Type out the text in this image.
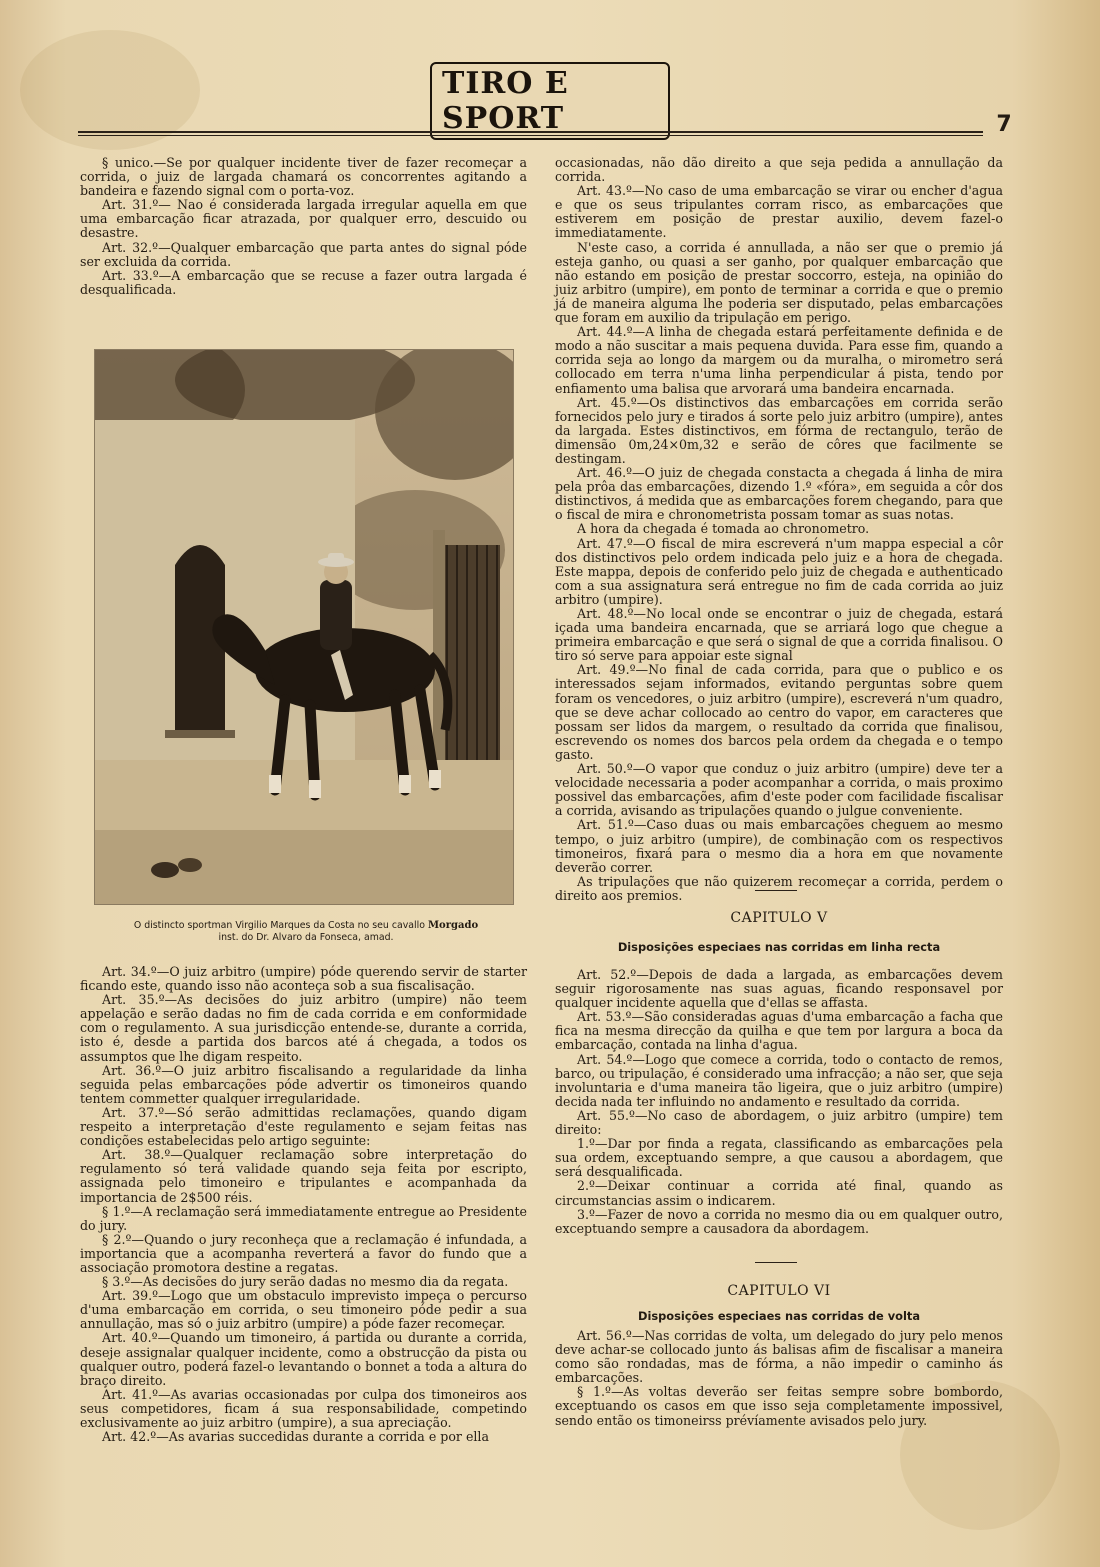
TIRO E SPORT	7

§ unico.—Se por qualquer incidente tiver de fazer recomeçar a corrida, o juiz de largada chamará os concorrentes agitando a bandeira e fazendo signal com o porta-voz.

Art. 31.º— Nao é considerada largada irregular aquella em que uma embarcação ficar atrazada, por qualquer erro, descuido ou desastre.

Art. 32.º—Qualquer embarcação que parta antes do signal póde ser excluida da corrida.

Art. 33.º—A embarcação que se recuse a fazer outra largada é desqualificada.

O distincto sportman Virgilio Marques da Costa no seu cavallo Morgado
inst. do Dr. Alvaro da Fonseca, amad.

Art. 34.º—O juiz arbitro (umpire) póde querendo servir de starter ficando este, quando isso não aconteça sob a sua fiscalisação.

Art. 35.º—As decisões do juiz arbitro (umpire) não teem appelação e serão dadas no fim de cada corrida e em conformidade com o regulamento. A sua jurisdicção entende-se, durante a corrida, isto é, desde a partida dos barcos até á chegada, a todos os assumptos que lhe digam respeito.

Art. 36.º—O juiz arbitro fiscalisando a regularidade da linha seguida pelas embarcações póde advertir os timoneiros quando tentem commetter qualquer irregularidade.

Art. 37.º—Só serão admittidas reclamações, quando digam respeito a interpretação d'este regulamento e sejam feitas nas condições estabelecidas pelo artigo seguinte:

Art. 38.º—Qualquer reclamação sobre interpretação do regulamento só terá validade quando seja feita por escripto, assignada pelo timoneiro e tripulantes e acompanhada da importancia de 2$500 réis.

§ 1.º—A reclamação será immediatamente entregue ao Presidente do jury.

§ 2.º—Quando o jury reconheça que a reclamação é infundada, a importancia que a acompanha reverterá a favor do fundo que a associação promotora destine a regatas.

§ 3.º—As decisões do jury serão dadas no mesmo dia da regata.

Art. 39.º—Logo que um obstaculo imprevisto impeça o percurso d'uma embarcação em corrida, o seu timoneiro póde pedir a sua annullação, mas só o juiz arbitro (umpire) a póde fazer recomeçar.

Art. 40.º—Quando um timoneiro, á partida ou durante a corrida, deseje assignalar qualquer incidente, como a obstrucção da pista ou qualquer outro, poderá fazel-o levantando o bonnet a toda a altura do braço direito.

Art. 41.º—As avarias occasionadas por culpa dos timoneiros aos seus competidores, ficam á sua responsabilidade, competindo exclusivamente ao juiz arbitro (umpire), a sua apreciação.

Art. 42.º—As avarias succedidas durante a corrida e por ella

occasionadas, não dão direito a que seja pedida a annullação da corrida.

Art. 43.º—No caso de uma embarcação se virar ou encher d'agua e que os seus tripulantes corram risco, as embarcações que estiverem em posição de prestar auxilio, devem fazel-o immediatamente.

N'este caso, a corrida é annullada, a não ser que o premio já esteja ganho, ou quasi a ser ganho, por qualquer embarcação que não estando em posição de prestar soccorro, esteja, na opinião do juiz arbitro (umpire), em ponto de terminar a corrida e que o premio já de maneira alguma lhe poderia ser disputado, pelas embarcações que foram em auxilio da tripulação em perigo.

Art. 44.º—A linha de chegada estará perfeitamente definida e de modo a não suscitar a mais pequena duvida. Para esse fim, quando a corrida seja ao longo da margem ou da muralha, o mirometro será collocado em terra n'uma linha perpendicular á pista, tendo por enfiamento uma balisa que arvorará uma bandeira encarnada.

Art. 45.º—Os distinctivos das embarcações em corrida serão fornecidos pelo jury e tirados á sorte pelo juiz arbitro (umpire), antes da largada. Estes distinctivos, em fórma de rectangulo, terão de dimensão 0m,24×0m,32 e serão de côres que facilmente se destingam.

Art. 46.º—O juiz de chegada constacta a chegada á linha de mira pela prôa das embarcações, dizendo 1.º «fóra», em seguida a côr dos distinctivos, á medida que as embarcações forem chegando, para que o fiscal de mira e chronometrista possam tomar as suas notas.

A hora da chegada é tomada ao chronometro.

Art. 47.º—O fiscal de mira escreverá n'um mappa especial a côr dos distinctivos pelo ordem indicada pelo juiz e a hora de chegada. Este mappa, depois de conferido pelo juiz de chegada e authenticado com a sua assignatura será entregue no fim de cada corrida ao juiz arbitro (umpire).

Art. 48.º—No local onde se encontrar o juiz de chegada, estará içada uma bandeira encarnada, que se arriará logo que chegue a primeira embarcação e que será o signal de que a corrida finalisou. O tiro só serve para appoiar este signal

Art. 49.º—No final de cada corrida, para que o publico e os interessados sejam informados, evitando perguntas sobre quem foram os vencedores, o juiz arbitro (umpire), escreverá n'um quadro, que se deve achar collocado ao centro do vapor, em caracteres que possam ser lidos da margem, o resultado da corrida que finalisou, escrevendo os nomes dos barcos pela ordem da chegada e o tempo gasto.

Art. 50.º—O vapor que conduz o juiz arbitro (umpire) deve ter a velocidade necessaria a poder acompanhar a corrida, o mais proximo possivel das embarcações, afim d'este poder com facilidade fiscalisar a corrida, avisando as tripulações quando o julgue conveniente.

Art. 51.º—Caso duas ou mais embarcações cheguem ao mesmo tempo, o juiz arbitro (umpire), de combinação com os respectivos timoneiros, fixará para o mesmo dia a hora em que novamente deverão correr.

As tripulações que não quizerem recomeçar a corrida, perdem o direito aos premios.

CAPITULO V
Disposições especiaes nas corridas em linha recta

Art. 52.º—Depois de dada a largada, as embarcações devem seguir rigorosamente nas suas aguas, ficando responsavel por qualquer incidente aquella que d'ellas se affasta.

Art. 53.º—São consideradas aguas d'uma embarcação a facha que fica na mesma direcção da quilha e que tem por largura a boca da embarcação, contada na linha d'agua.

Art. 54.º—Logo que comece a corrida, todo o contacto de remos, barco, ou tripulação, é considerado uma infracção; a não ser, que seja involuntaria e d'uma maneira tão ligeira, que o juiz arbitro (umpire) decida nada ter influindo no andamento e resultado da corrida.

Art. 55.º—No caso de abordagem, o juiz arbitro (umpire) tem direito:

1.º—Dar por finda a regata, classificando as embarcações pela sua ordem, exceptuando sempre, a que causou a abordagem, que será desqualificada.

2.º—Deixar continuar a corrida até final, quando as circumstancias assim o indicarem.

3.º—Fazer de novo a corrida no mesmo dia ou em qualquer outro, exceptuando sempre a causadora da abordagem.

CAPITULO VI
Disposições especiaes nas corridas de volta

Art. 56.º—Nas corridas de volta, um delegado do jury pelo menos deve achar-se collocado junto ás balisas afim de fiscalisar a maneira como são rondadas, mas de fórma, a não impedir o caminho ás embarcações.

§ 1.º—As voltas deverão ser feitas sempre sobre bombordo, exceptuando os casos em que isso seja completamente impossivel, sendo então os timoneirss prévíamente avisados pelo jury.
